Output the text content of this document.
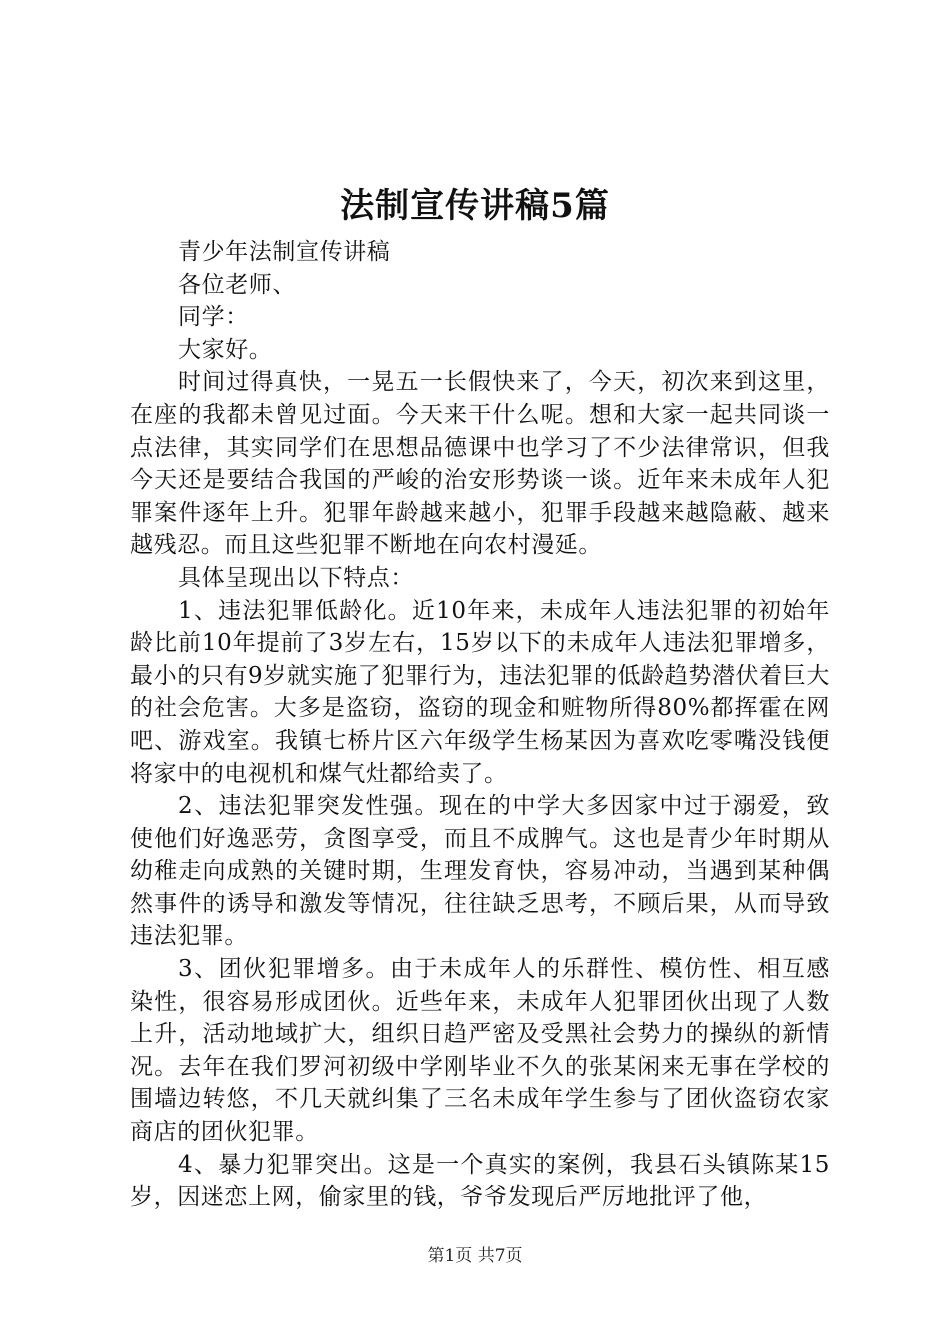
法制宣传讲稿5篇

青少年法制宣传讲稿

各位老师、

同学：

大家好。

时间过得真快，一晃五一长假快来了，今天，初次来到这里，在座的我都未曾见过面。今天来干什么呢。想和大家一起共同谈一点法律，其实同学们在思想品德课中也学习了不少法律常识，但我今天还是要结合我国的严峻的治安形势谈一谈。近年来未成年人犯罪案件逐年上升。犯罪年龄越来越小，犯罪手段越来越隐蔽、越来越残忍。而且这些犯罪不断地在向农村漫延。

具体呈现出以下特点：

1、违法犯罪低龄化。近10年来，未成年人违法犯罪的初始年龄比前10年提前了3岁左右，15岁以下的未成年人违法犯罪增多，最小的只有9岁就实施了犯罪行为，违法犯罪的低龄趋势潜伏着巨大的社会危害。大多是盗窃，盗窃的现金和赃物所得80%都挥霍在网吧、游戏室。我镇七桥片区六年级学生杨某因为喜欢吃零嘴没钱便将家中的电视机和煤气灶都给卖了。

2、违法犯罪突发性强。现在的中学大多因家中过于溺爱，致使他们好逸恶劳，贪图享受，而且不成脾气。这也是青少年时期从幼稚走向成熟的关键时期，生理发育快，容易冲动，当遇到某种偶然事件的诱导和激发等情况，往往缺乏思考，不顾后果，从而导致违法犯罪。

3、团伙犯罪增多。由于未成年人的乐群性、模仿性、相互感染性，很容易形成团伙。近些年来，未成年人犯罪团伙出现了人数上升，活动地域扩大，组织日趋严密及受黑社会势力的操纵的新情况。去年在我们罗河初级中学刚毕业不久的张某闲来无事在学校的围墙边转悠，不几天就纠集了三名未成年学生参与了团伙盗窃农家商店的团伙犯罪。

4、暴力犯罪突出。这是一个真实的案例，我县石头镇陈某15岁，因迷恋上网，偷家里的钱，爷爷发现后严厉地批评了他，

第1页 共7页
